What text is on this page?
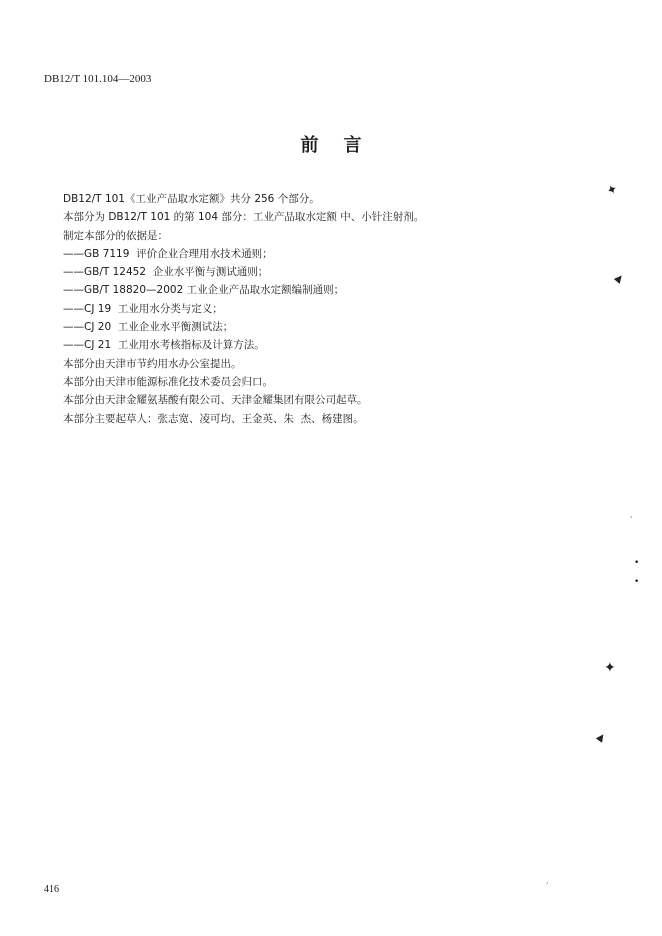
DB12/T 101.104—2003
前    言
DB12/T 101《工业产品取水定额》共分 256 个部分。
本部分为 DB12/T 101 的第 104 部分：工业产品取水定额 中、小针注射剂。
制定本部分的依据是：
——GB 7119  评价企业合理用水技术通则；
——GB/T 12452  企业水平衡与测试通则；
——GB/T 18820—2002 工业企业产品取水定额编制通则；
——CJ 19  工业用水分类与定义；
——CJ 20  工业企业水平衡测试法；
——CJ 21  工业用水考核指标及计算方法。
本部分由天津市节约用水办公室提出。
本部分由天津市能源标准化技术委员会归口。
本部分由天津金耀氨基酸有限公司、天津金耀集团有限公司起草。
本部分主要起草人：张志宽、凌可均、王金英、朱  杰、杨建图。
✦
▲
·
•
•
✦
▲
·
416
